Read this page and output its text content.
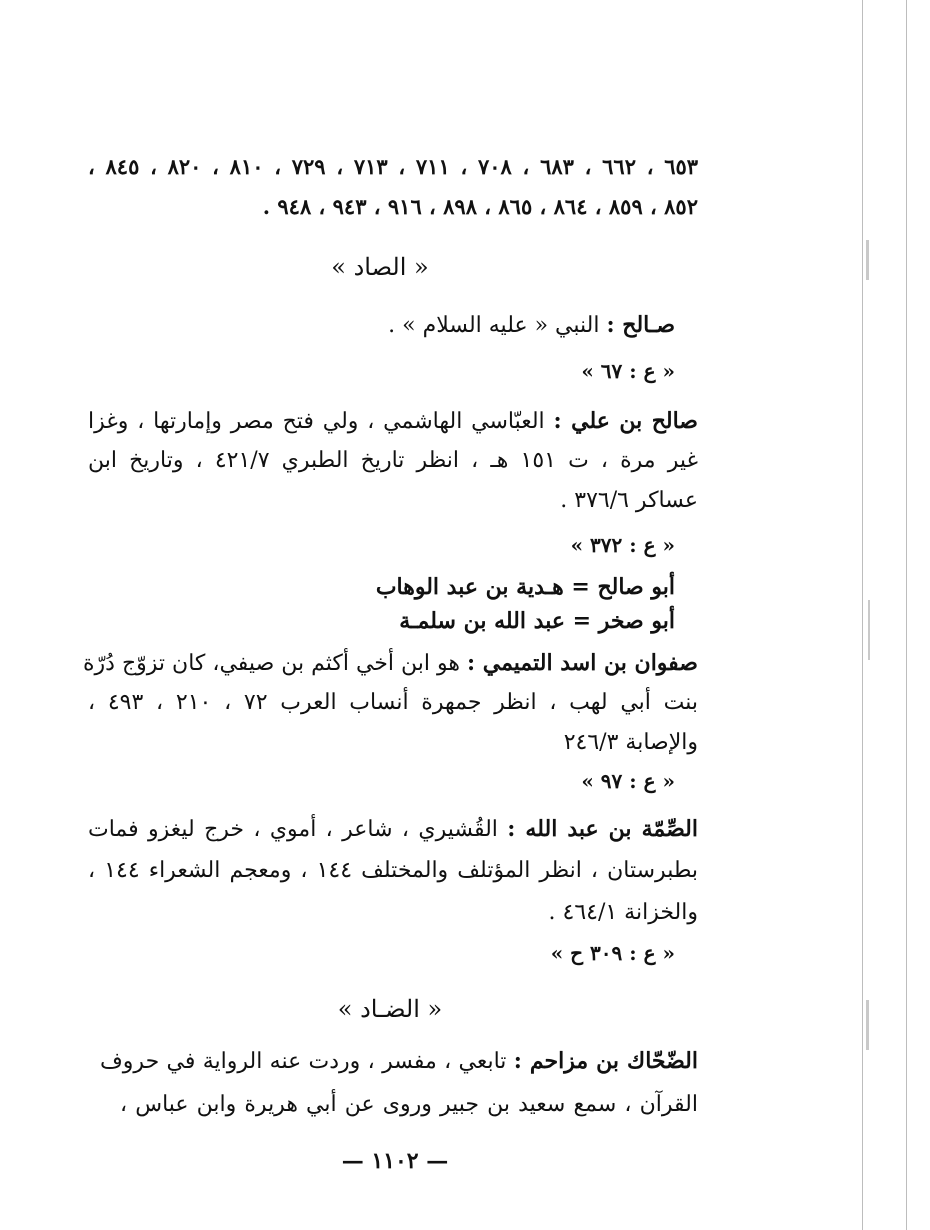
٦٥٣ ، ٦٦٢ ، ٦٨٣ ، ٧٠٨ ، ٧١١ ، ٧١٣ ، ٧٢٩ ، ٨١٠ ، ٨٢٠ ، ٨٤٥ ،
٨٥٢ ، ٨٥٩ ، ٨٦٤ ، ٨٦٥ ، ٨٩٨ ، ٩١٦ ، ٩٤٣ ، ٩٤٨ .
« الصاد »
صـالح : النبي « عليه السلام » .
« ع : ٦٧ »
صالح بن علي : العبّاسي الهاشمي ، ولي فتح مصر وإمارتها ، وغزا
غير مرة ، ت ١٥١ هـ ، انظر تاريخ الطبري ٤٢١/٧ ، وتاريخ ابن
عساكر ٣٧٦/٦ .
« ع : ٣٧٢ »
أبو صالح = هـدية بن عبد الوهاب
أبو صخر = عبد الله بن سلمـة
صفوان بن اسد التميمي : هو ابن أخي أكثم بن صيفي، كان تزوّج دُرّة
بنت أبي لهب ، انظر جمهرة أنساب العرب ٧٢ ، ٢١٠ ، ٤٩٣ ،
والإصابة ٢٤٦/٣
« ع : ٩٧ »
الصِّمّة بن عبد الله : القُشيري ، شاعر ، أموي ، خرج ليغزو فمات
بطبرستان ، انظر المؤتلف والمختلف ١٤٤ ، ومعجم الشعراء ١٤٤ ،
والخزانة ٤٦٤/١ .
« ع : ٣٠٩ ح »
« الضـاد »
الضّحّاك بن مزاحم : تابعي ، مفسر ، وردت عنه الرواية في حروف
القرآن ، سمع سعيد بن جبير وروى عن أبي هريرة وابن عباس ،
— ١١٠٢ —
